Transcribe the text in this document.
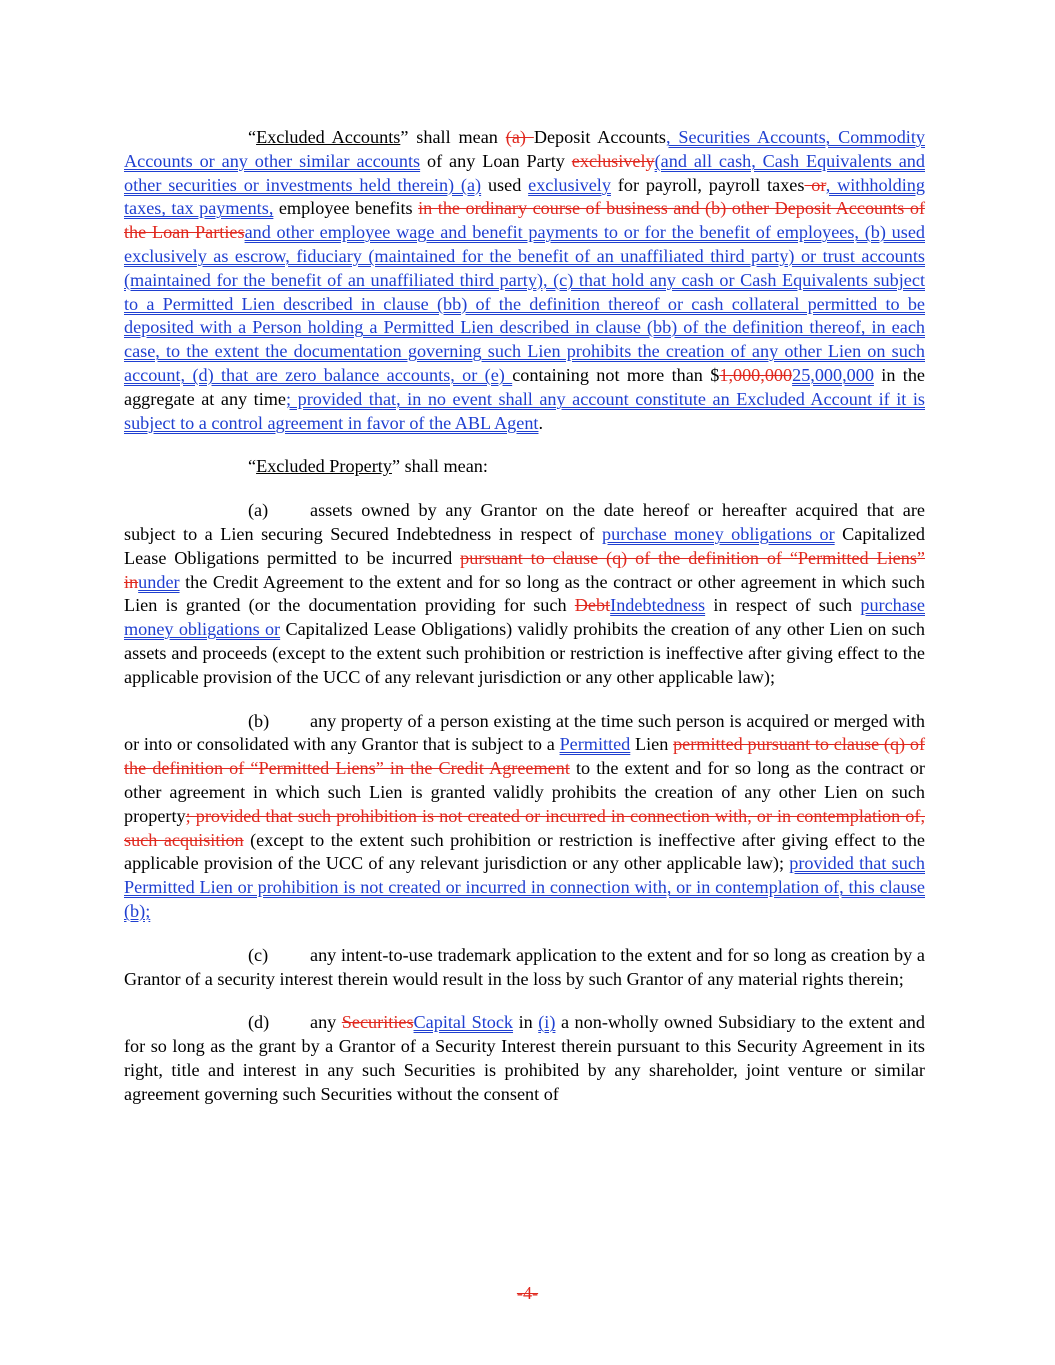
“Excluded Accounts” shall mean (a) Deposit Accounts, Securities Accounts, Commodity Accounts or any other similar accounts of any Loan Party exclusively(and all cash, Cash Equivalents and other securities or investments held therein) (a) used exclusively for payroll, payroll taxes or, withholding taxes, tax payments, employee benefits in the ordinary course of business and (b) other Deposit Accounts of the Loan Partiesand other employee wage and benefit payments to or for the benefit of employees, (b) used exclusively as escrow, fiduciary (maintained for the benefit of an unaffiliated third party) or trust accounts (maintained for the benefit of an unaffiliated third party), (c) that hold any cash or Cash Equivalents subject to a Permitted Lien described in clause (bb) of the definition thereof or cash collateral permitted to be deposited with a Person holding a Permitted Lien described in clause (bb) of the definition thereof, in each case, to the extent the documentation governing such Lien prohibits the creation of any other Lien on such account, (d) that are zero balance accounts, or (e) containing not more than $1,000,00025,000,000 in the aggregate at any time; provided that, in no event shall any account constitute an Excluded Account if it is subject to a control agreement in favor of the ABL Agent.

“Excluded Property” shall mean:

(a) assets owned by any Grantor on the date hereof or hereafter acquired that are subject to a Lien securing Secured Indebtedness in respect of purchase money obligations or Capitalized Lease Obligations permitted to be incurred pursuant to clause (q) of the definition of “Permitted Liens” inunder the Credit Agreement to the extent and for so long as the contract or other agreement in which such Lien is granted (or the documentation providing for such DebtIndebtedness in respect of such purchase money obligations or Capitalized Lease Obligations) validly prohibits the creation of any other Lien on such assets and proceeds (except to the extent such prohibition or restriction is ineffective after giving effect to the applicable provision of the UCC of any relevant jurisdiction or any other applicable law);

(b) any property of a person existing at the time such person is acquired or merged with or into or consolidated with any Grantor that is subject to a Permitted Lien permitted pursuant to clause (q) of the definition of “Permitted Liens” in the Credit Agreement to the extent and for so long as the contract or other agreement in which such Lien is granted validly prohibits the creation of any other Lien on such property; provided that such prohibition is not created or incurred in connection with, or in contemplation of, such acquisition (except to the extent such prohibition or restriction is ineffective after giving effect to the applicable provision of the UCC of any relevant jurisdiction or any other applicable law); provided that such Permitted Lien or prohibition is not created or incurred in connection with, or in contemplation of, this clause (b);

(c) any intent-to-use trademark application to the extent and for so long as creation by a Grantor of a security interest therein would result in the loss by such Grantor of any material rights therein;

(d) any SecuritiesCapital Stock in (i) a non-wholly owned Subsidiary to the extent and for so long as the grant by a Grantor of a Security Interest therein pursuant to this Security Agreement in its right, title and interest in any such Securities is prohibited by any shareholder, joint venture or similar agreement governing such Securities without the consent of

-4-
